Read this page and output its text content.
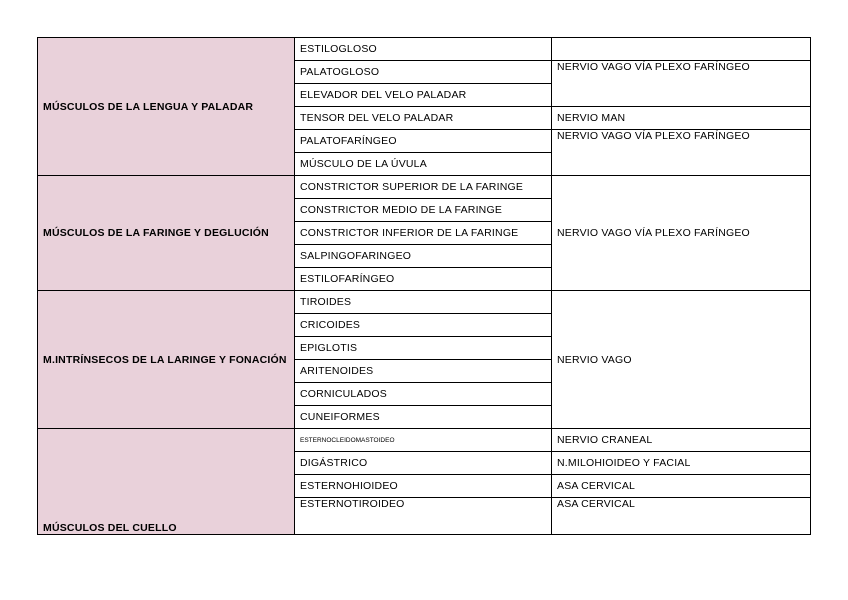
MÚSCULOS DE LA LENGUA Y PALADAR	ESTILOGLOSO	
	PALATOGLOSO	NERVIO VAGO VÍA PLEXO FARÍNGEO
	ELEVADOR DEL VELO PALADAR	
	TENSOR DEL VELO PALADAR	NERVIO MAN
	PALATOFARÍNGEO	NERVIO VAGO VÍA PLEXO FARÍNGEO
	MÚSCULO DE LA ÚVULA	
MÚSCULOS DE LA FARINGE Y DEGLUCIÓN	CONSTRICTOR SUPERIOR DE LA FARINGE	NERVIO VAGO VÍA PLEXO FARÍNGEO
	CONSTRICTOR MEDIO DE LA FARINGE	
	CONSTRICTOR INFERIOR DE LA FARINGE	
	SALPINGOFARINGEO	
	ESTILOFARÍNGEO	
M.INTRÍNSECOS DE LA LARINGE Y FONACIÓN	TIROIDES	NERVIO VAGO
	CRICOIDES	
	EPIGLOTIS	
	ARITENOIDES	
	CORNICULADOS	
	CUNEIFORMES	
MÚSCULOS DEL CUELLO	ESTERNOCLEIDOMASTOIDEO	NERVIO CRANEAL
	DIGÁSTRICO	N.MILOHIOIDEO Y FACIAL
	ESTERNOHIOIDEO	ASA CERVICAL
	ESTERNOTIROIDEO	ASA CERVICAL
